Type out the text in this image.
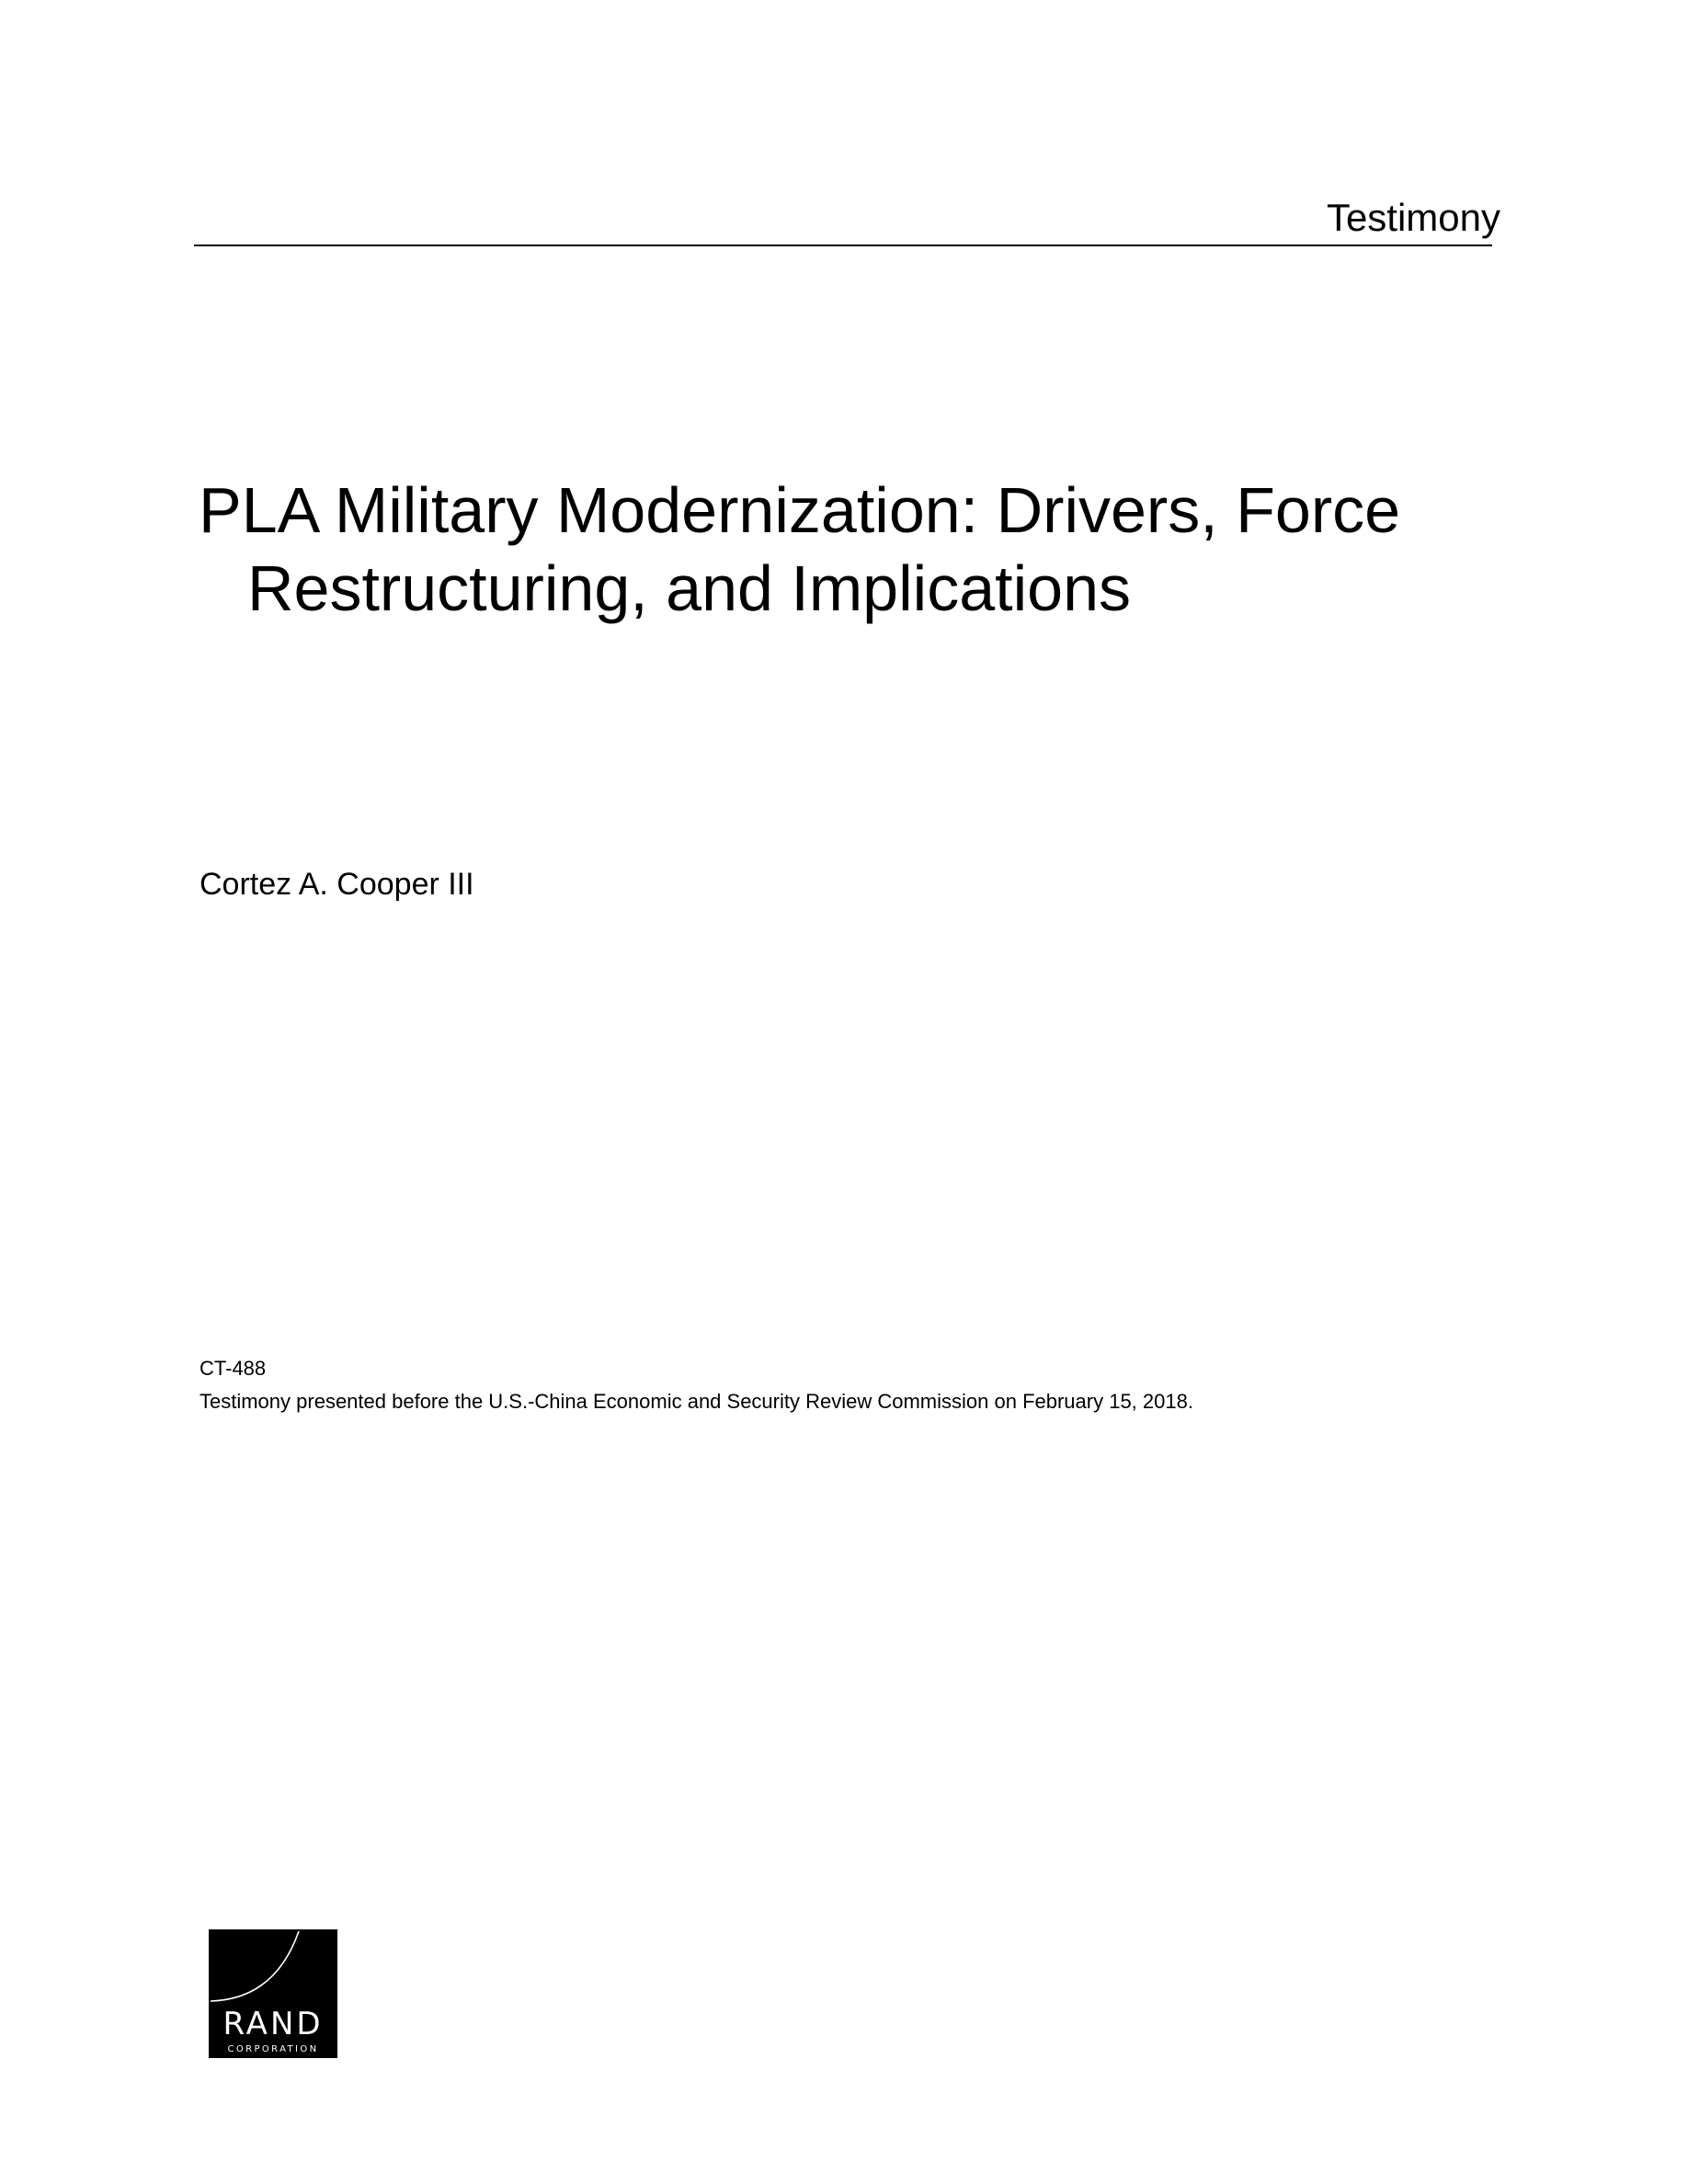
Testimony
PLA Military Modernization: Drivers, Force
Restructuring, and Implications
Cortez A. Cooper III
CT-488
Testimony presented before the U.S.-China Economic and Security Review Commission on February 15, 2018.
RAND
CORPORATION
